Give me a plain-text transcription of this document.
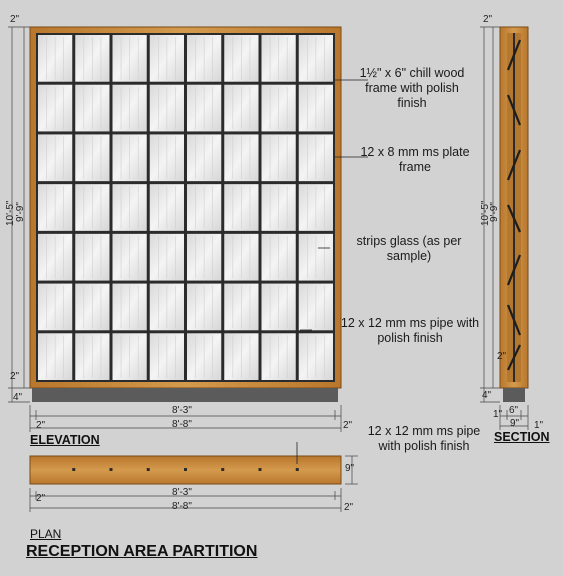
1½" x 6" chill wood frame with polish finish
12 x 8 mm ms plate frame
strips glass (as per sample)
12 x 12 mm ms pipe with polish finish
12 x 12 mm ms pipe with polish finish
2"
10'-5" 9'-9"
2"
4"
2"	2"
8'-3"
8'-8"
2"
10'-5"
9'-9"
2"
4"
1" 6"
1"
9"
9"
2"
2"
8'-3"
8'-8"
ELEVATION	SECTION
PLAN
RECEPTION AREA PARTITION
